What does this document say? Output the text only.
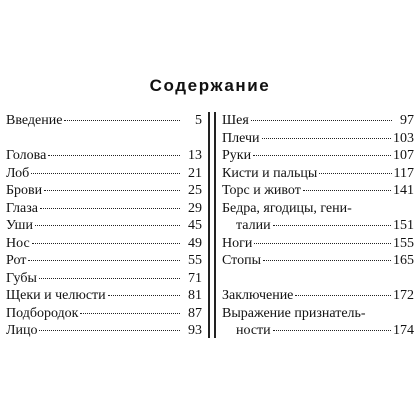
Содержание
Введение	5
Голова	13
Лоб	21
Брови	25
Глаза	29
Уши	45
Нос	49
Рот	55
Губы	71
Щеки и челюсти	81
Подбородок	87
Лицо	93
Шея	97
Плечи	103
Руки	107
Кисти и пальцы	117
Торс и живот	141
Бедра, ягодицы, гени-
талии	151
Ноги	155
Стопы	165
Заключение	172
Выражение признатель-
ности	174
